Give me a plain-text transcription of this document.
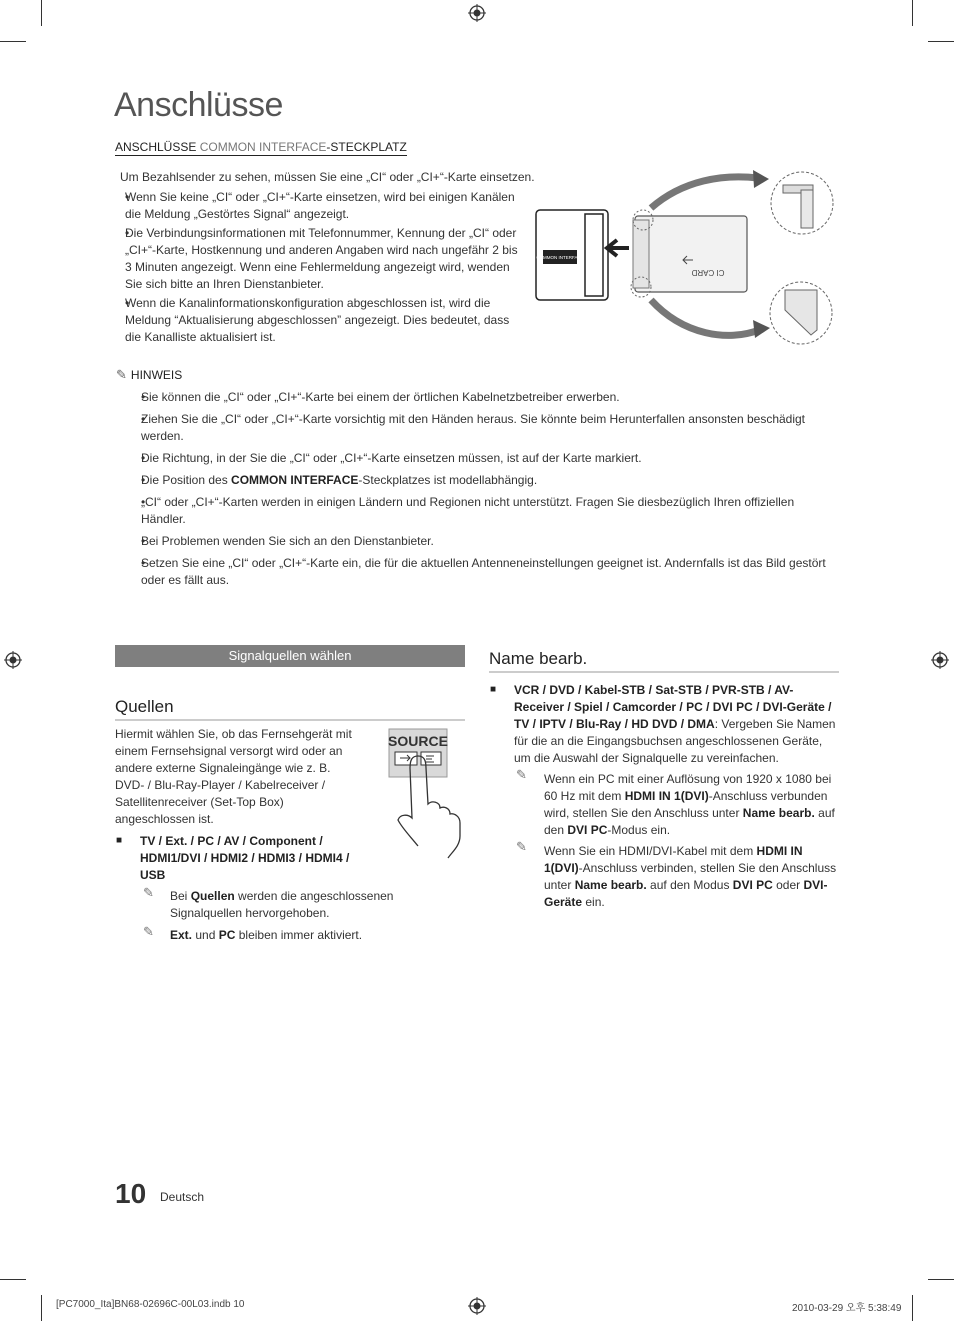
Anschlüsse
ANSCHLÜSSE COMMON INTERFACE-STECKPLATZ
Um Bezahlsender zu sehen, müssen Sie eine „CI“ oder „CI+“-Karte einsetzen.
• Wenn Sie keine „CI“ oder „CI+“-Karte einsetzen, wird bei einigen Kanälen die Meldung „Gestörtes Signal“ angezeigt.
• Die Verbindungsinformationen mit Telefonnummer, Kennung der „CI“ oder „CI+“-Karte, Hostkennung und anderen Angaben wird nach ungefähr 2 bis 3 Minuten angezeigt. Wenn eine Fehlermeldung angezeigt wird, wenden Sie sich bitte an Ihren Dienstanbieter.
• Wenn die Kanalinformationskonfiguration abgeschlossen ist, wird die Meldung “Aktualisierung abgeschlossen” angezeigt. Dies bedeutet, dass die Kanalliste aktualisiert ist.
COMMON INTERFACE
CI CARD
✎ HINWEIS
• Sie können die „CI“ oder „CI+“-Karte bei einem der örtlichen Kabelnetzbetreiber erwerben.
• Ziehen Sie die „CI“ oder „CI+“-Karte vorsichtig mit den Händen heraus. Sie könnte beim Herunterfallen ansonsten beschädigt werden.
• Die Richtung, in der Sie die „CI“ oder „CI+“-Karte einsetzen müssen, ist auf der Karte markiert.
• Die Position des COMMON INTERFACE-Steckplatzes ist modellabhängig.
• „CI“ oder „CI+“-Karten werden in einigen Ländern und Regionen nicht unterstützt. Fragen Sie diesbezüglich Ihren offiziellen Händler.
• Bei Problemen wenden Sie sich an den Dienstanbieter.
• Setzen Sie eine „CI“ oder „CI+“-Karte ein, die für die aktuellen Antenneneinstellungen geeignet ist. Andernfalls ist das Bild gestört oder es fällt aus.
Signalquellen wählen
Quellen
Hiermit wählen Sie, ob das Fernsehgerät mit einem Fernsehsignal versorgt wird oder an andere externe Signaleingänge wie z. B. DVD- / Blu-Ray-Player / Kabelreceiver / Satellitenreceiver (Set-Top Box) angeschlossen ist.
SOURCE
■ TV / Ext. / PC / AV / Component / HDMI1/DVI / HDMI2 / HDMI3 / HDMI4 / USB
✎ Bei Quellen werden die angeschlossenen Signalquellen hervorgehoben.
✎ Ext. und PC bleiben immer aktiviert.
Name bearb.
■ VCR / DVD / Kabel-STB / Sat-STB / PVR-STB / AV-Receiver / Spiel / Camcorder / PC / DVI PC / DVI-Geräte / TV / IPTV / Blu-Ray / HD DVD / DMA: Vergeben Sie Namen für die an die Eingangsbuchsen angeschlossenen Geräte, um die Auswahl der Signalquelle zu vereinfachen.
✎ Wenn ein PC mit einer Auflösung von 1920 x 1080 bei 60 Hz mit dem HDMI IN 1(DVI)-Anschluss verbunden wird, stellen Sie den Anschluss unter Name bearb. auf den DVI PC-Modus ein.
✎ Wenn Sie ein HDMI/DVI-Kabel mit dem HDMI IN 1(DVI)-Anschluss verbinden, stellen Sie den Anschluss unter Name bearb. auf den Modus DVI PC oder DVI-Geräte ein.
10 Deutsch
[PC7000_Ita]BN68-02696C-00L03.indb 10	2010-03-29 오후 5:38:49
